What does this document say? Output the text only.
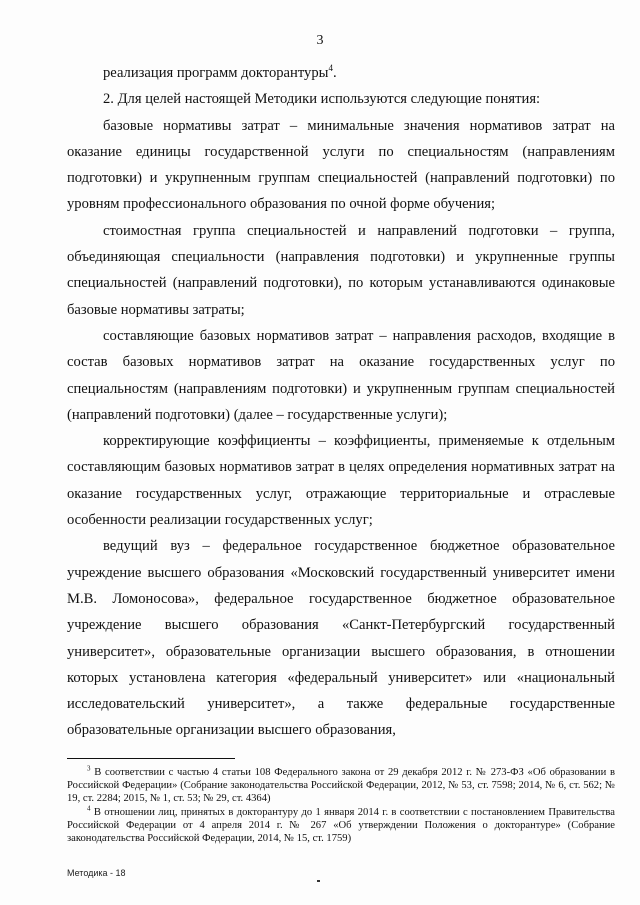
3

реализация программ докторантуры$^4$.

2. Для целей настоящей Методики используются следующие понятия:

базовые нормативы затрат – минимальные значения нормативов затрат на оказание единицы государственной услуги по специальностям (направлениям подготовки) и укрупненным группам специальностей (направлений подготовки) по уровням профессионального образования по очной форме обучения;

стоимостная группа специальностей и направлений подготовки – группа, объединяющая специальности (направления подготовки) и укрупненные группы специальностей (направлений подготовки), по которым устанавливаются одинаковые базовые нормативы затраты;

составляющие базовых нормативов затрат – направления расходов, входящие в состав базовых нормативов затрат на оказание государственных услуг по специальностям (направлениям подготовки) и укрупненным группам специальностей (направлений подготовки) (далее – государственные услуги);

корректирующие коэффициенты – коэффициенты, применяемые к отдельным составляющим базовых нормативов затрат в целях определения нормативных затрат на оказание государственных услуг, отражающие территориальные и отраслевые особенности реализации государственных услуг;

ведущий вуз – федеральное государственное бюджетное образовательное учреждение высшего образования «Московский государственный университет имени М.В. Ломоносова», федеральное государственное бюджетное образовательное учреждение высшего образования «Санкт-Петербургский государственный университет», образовательные организации высшего образования, в отношении которых установлена категория «федеральный университет» или «национальный исследовательский университет», а также федеральные государственные образовательные организации высшего образования,

$^3$ В соответствии с частью 4 статьи 108 Федерального закона от 29 декабря 2012 г. № 273-ФЗ «Об образовании в Российской Федерации» (Собрание законодательства Российской Федерации, 2012, № 53, ст. 7598; 2014, № 6, ст. 562; № 19, ст. 2284; 2015, № 1, ст. 53; № 29, ст. 4364)

$^4$ В отношении лиц, принятых в докторантуру до 1 января 2014 г. в соответствии с постановлением Правительства Российской Федерации от 4 апреля 2014 г. № 267 «Об утверждении Положения о докторантуре» (Собрание законодательства Российской Федерации, 2014, № 15, ст. 1759)

Методика - 18
